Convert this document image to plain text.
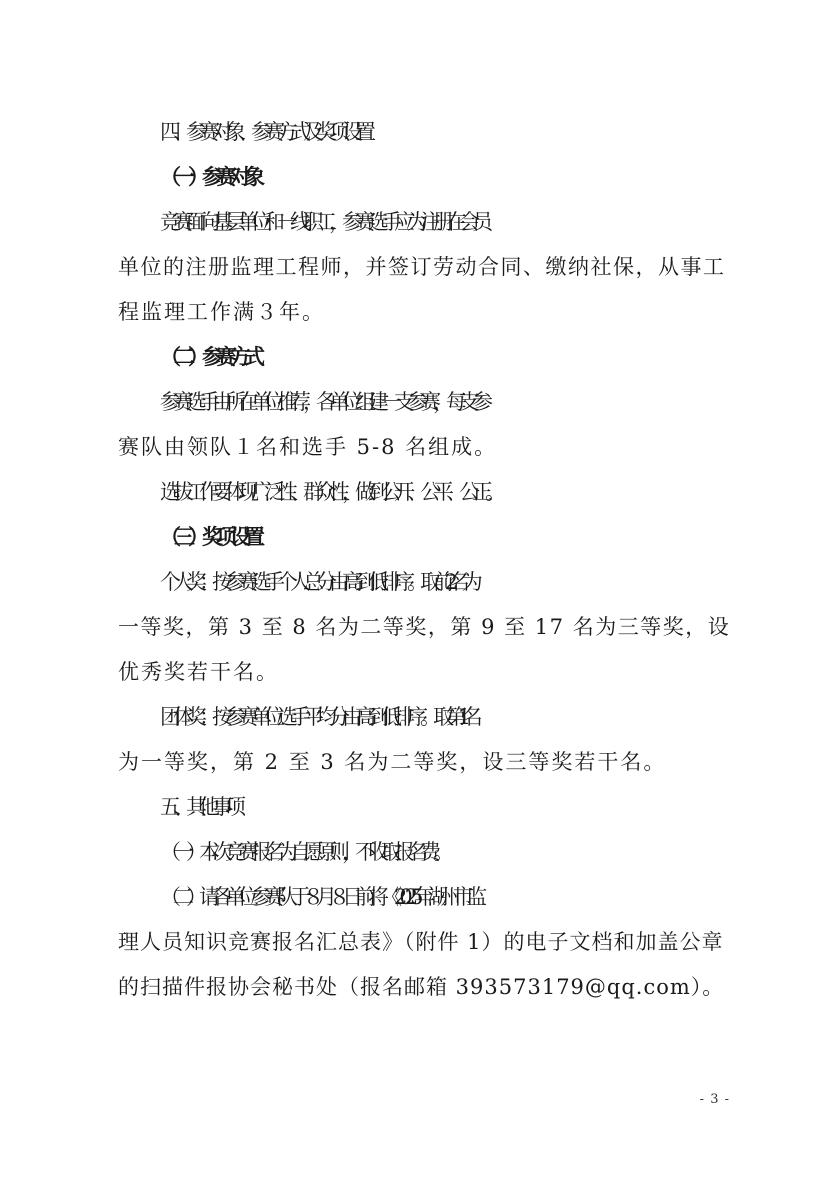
四、参赛对象、参赛方式及奖项设置
（一）参赛对象
竞赛面向基层单位和一线职工，参赛选手应为注册在会员
单位的注册监理工程师，并签订劳动合同、缴纳社保，从事工
程监理工作满３年。
（二）参赛方式
参赛选手由所在单位推荐，各单位组建一支参赛，每支参
赛队由领队１名和选手 5-8 名组成。
选拔工作要体现广泛性、群众性，做到公开、公平、公正。
（三）奖项设置
个人奖：按参赛选手个人总分由高到低排序。取前 2 名为
一等奖，第 3 至 8 名为二等奖，第 9 至 17 名为三等奖，设
优秀奖若干名。
团体奖：按参赛单位选手平均分由高到低排序。取第 1 名
为一等奖，第 2 至 3 名为二等奖，设三等奖若干名。
五、其他事项
（一）本次竞赛报名为自愿原则，不收取报名费。
（二）请各单位参赛队于８月８日前将《2025 年湖州市监
理人员知识竞赛报名汇总表》（附件 1）的电子文档和加盖公章
的扫描件报协会秘书处（报名邮箱 393573179@qq.com）。
- 3 -
